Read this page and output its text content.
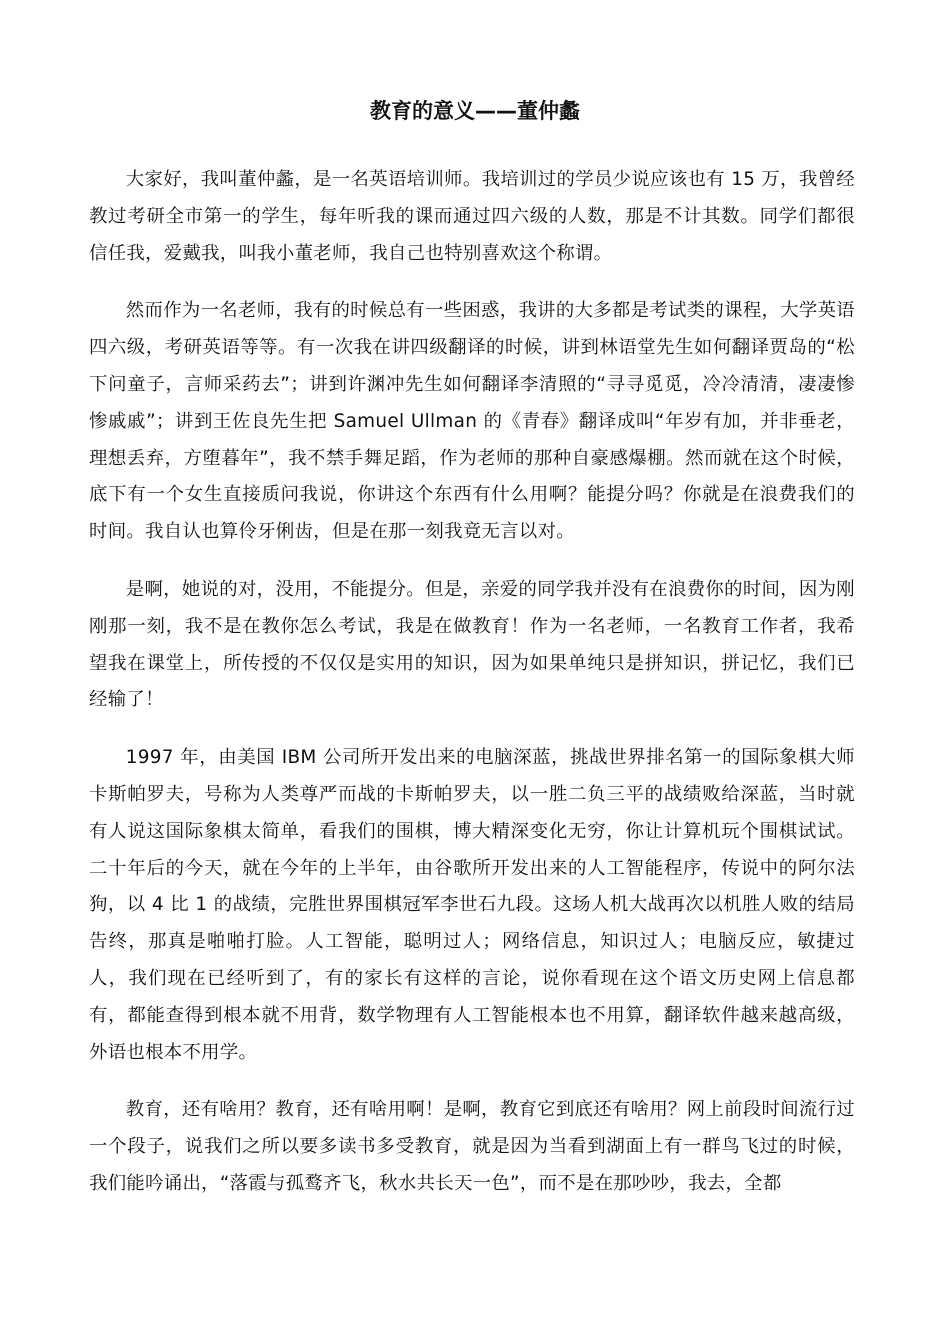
教育的意义——董仲蠡

大家好，我叫董仲蠡，是一名英语培训师。我培训过的学员少说应该也有 15 万，我曾经教过考研全市第一的学生，每年听我的课而通过四六级的人数，那是不计其数。同学们都很信任我，爱戴我，叫我小董老师，我自己也特别喜欢这个称谓。

然而作为一名老师，我有的时候总有一些困惑，我讲的大多都是考试类的课程，大学英语四六级，考研英语等等。有一次我在讲四级翻译的时候，讲到林语堂先生如何翻译贾岛的“松下问童子，言师采药去”；讲到许渊冲先生如何翻译李清照的“寻寻觅觅，冷冷清清，凄凄惨惨戚戚”；讲到王佐良先生把 Samuel Ullman 的《青春》翻译成叫“年岁有加，并非垂老，理想丢弃，方堕暮年”，我不禁手舞足蹈，作为老师的那种自豪感爆棚。然而就在这个时候，底下有一个女生直接质问我说，你讲这个东西有什么用啊？能提分吗？你就是在浪费我们的时间。我自认也算伶牙俐齿，但是在那一刻我竟无言以对。

是啊，她说的对，没用，不能提分。但是，亲爱的同学我并没有在浪费你的时间，因为刚刚那一刻，我不是在教你怎么考试，我是在做教育！作为一名老师，一名教育工作者，我希望我在课堂上，所传授的不仅仅是实用的知识，因为如果单纯只是拼知识，拼记忆，我们已经输了！

1997 年，由美国 IBM 公司所开发出来的电脑深蓝，挑战世界排名第一的国际象棋大师卡斯帕罗夫，号称为人类尊严而战的卡斯帕罗夫，以一胜二负三平的战绩败给深蓝，当时就有人说这国际象棋太简单，看我们的围棋，博大精深变化无穷，你让计算机玩个围棋试试。二十年后的今天，就在今年的上半年，由谷歌所开发出来的人工智能程序，传说中的阿尔法狗，以 4 比 1 的战绩，完胜世界围棋冠军李世石九段。这场人机大战再次以机胜人败的结局告终，那真是啪啪打脸。人工智能，聪明过人；网络信息，知识过人；电脑反应，敏捷过人，我们现在已经听到了，有的家长有这样的言论，说你看现在这个语文历史网上信息都有，都能查得到根本就不用背，数学物理有人工智能根本也不用算，翻译软件越来越高级，外语也根本不用学。

教育，还有啥用？教育，还有啥用啊！是啊，教育它到底还有啥用？网上前段时间流行过一个段子，说我们之所以要多读书多受教育，就是因为当看到湖面上有一群鸟飞过的时候，我们能吟诵出，“落霞与孤鹜齐飞，秋水共长天一色”，而不是在那吵吵，我去，全都
